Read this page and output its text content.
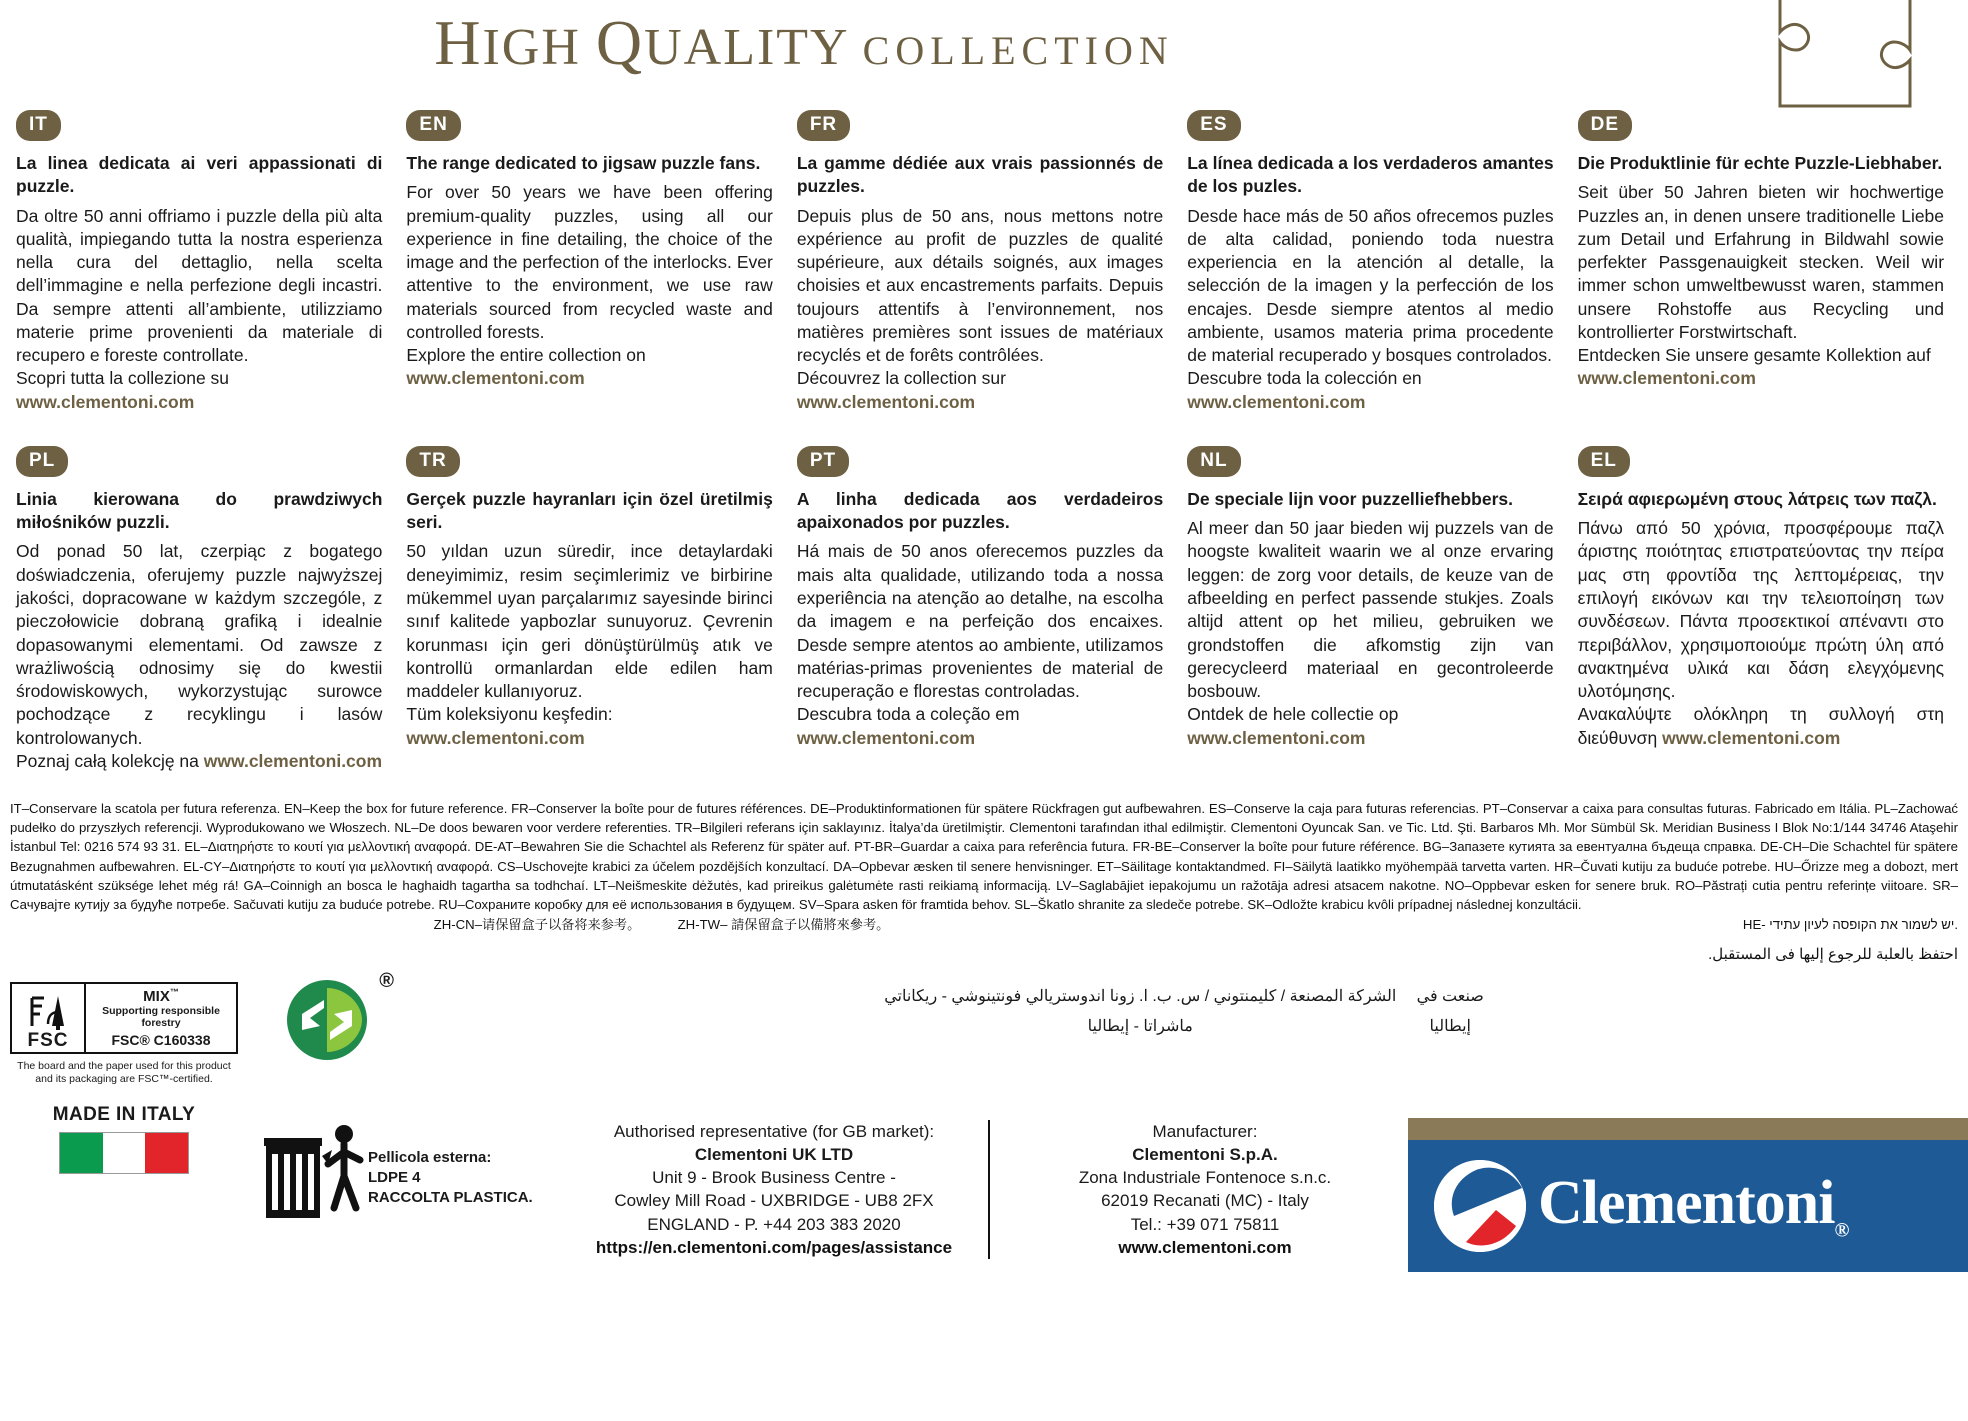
HIGH QUALITY COLLECTION
IT
La linea dedicata ai veri appassionati di puzzle.
Da oltre 50 anni offriamo i puzzle della più alta qualità, impiegando tutta la nostra esperienza nella cura del dettaglio, nella scelta dell’immagine e nella perfezione degli incastri. Da sempre attenti all’ambiente, utilizziamo materie prime provenienti da materiale di recupero e foreste controllate.
Scopri tutta la collezione su
www.clementoni.com
EN
The range dedicated to jigsaw puzzle fans.
For over 50 years we have been offering premium-quality puzzles, using all our experience in fine detailing, the choice of the image and the perfection of the interlocks. Ever attentive to the environment, we use raw materials sourced from recycled waste and controlled forests.
Explore the entire collection on
www.clementoni.com
FR
La gamme dédiée aux vrais passionnés de puzzles.
Depuis plus de 50 ans, nous mettons notre expérience au profit de puzzles de qualité supérieure, aux détails soignés, aux images choisies et aux encastrements parfaits. Depuis toujours attentifs à l’environnement, nos matières premières sont issues de matériaux recyclés et de forêts contrôlées.
Découvrez la collection sur
www.clementoni.com
ES
La línea dedicada a los verdaderos amantes de los puzles.
Desde hace más de 50 años ofrecemos puzles de alta calidad, poniendo toda nuestra experiencia en la atención al detalle, la selección de la imagen y la perfección de los encajes. Desde siempre atentos al medio ambiente, usamos materia prima procedente de material recuperado y bosques controlados.
Descubre toda la colección en
www.clementoni.com
DE
Die Produktlinie für echte Puzzle-Liebhaber.
Seit über 50 Jahren bieten wir hochwertige Puzzles an, in denen unsere traditionelle Liebe zum Detail und Erfahrung in Bildwahl sowie perfekter Passgenauigkeit stecken. Weil wir immer schon umweltbewusst waren, stammen unsere Rohstoffe aus Recycling und kontrollierter Forstwirtschaft.
Entdecken Sie unsere gesamte Kollektion auf
www.clementoni.com
PL
Linia kierowana do prawdziwych miłośników puzzli.
Od ponad 50 lat, czerpiąc z bogatego doświadczenia, oferujemy puzzle najwyższej jakości, dopracowane w każdym szczególe, z pieczołowicie dobraną grafiką i idealnie dopasowanymi elementami. Od zawsze z wrażliwością odnosimy się do kwestii środowiskowych, wykorzystując surowce pochodzące z recyklingu i lasów kontrolowanych.
Poznaj całą kolekcję na www.clementoni.com
TR
Gerçek puzzle hayranları için özel üretilmiş seri.
50 yıldan uzun süredir, ince detaylardaki deneyimimiz, resim seçimlerimiz ve birbirine mükemmel uyan parçalarımız sayesinde birinci sınıf kalitede yapbozlar sunuyoruz. Çevrenin korunması için geri dönüştürülmüş atık ve kontrollü ormanlardan elde edilen ham maddeler kullanıyoruz.
Tüm koleksiyonu keşfedin:
www.clementoni.com
PT
A linha dedicada aos verdadeiros apaixonados por puzzles.
Há mais de 50 anos oferecemos puzzles da mais alta qualidade, utilizando toda a nossa experiência na atenção ao detalhe, na escolha da imagem e na perfeição dos encaixes. Desde sempre atentos ao ambiente, utilizamos matérias-primas provenientes de material de recuperação e florestas controladas.
Descubra toda a coleção em
www.clementoni.com
NL
De speciale lijn voor puzzelliefhebbers.
Al meer dan 50 jaar bieden wij puzzels van de hoogste kwaliteit waarin we al onze ervaring leggen: de zorg voor details, de keuze van de afbeelding en perfect passende stukjes. Zoals altijd attent op het milieu, gebruiken we grondstoffen die afkomstig zijn van gerecycleerd materiaal en gecontroleerde bosbouw.
Ontdek de hele collectie op
www.clementoni.com
EL
Σειρά αφιερωμένη στους λάτρεις των παζλ.
Πάνω από 50 χρόνια, προσφέρουμε παζλ άριστης ποιότητας επιστρατεύοντας την πείρα μας στη φροντίδα της λεπτομέρειας, την επιλογή εικόνων και την τελειοποίηση των συνδέσεων. Πάντα προσεκτικοί απέναντι στο περιβάλλον, χρησιμοποιούμε πρώτη ύλη από ανακτημένα υλικά και δάση ελεγχόμενης υλοτόμησης.
Ανακαλύψτε ολόκληρη τη συλλογή στη διεύθυνση www.clementoni.com
IT–Conservare la scatola per futura referenza. EN–Keep the box for future reference. FR–Conserver la boîte pour de futures références. DE–Produktinformationen für spätere Rückfragen gut aufbewahren. ES–Conserve la caja para futuras referencias. PT–Conservar a caixa para consultas futuras. Fabricado em Itália. PL–Zachować pudełko do przyszłych referencji. Wyprodukowano we Włoszech. NL–De doos bewaren voor verdere referenties. TR–Bilgileri referans için saklayınız. İtalya’da üretilmiştir. Clementoni tarafından ithal edilmiştir. Clementoni Oyuncak San. ve Tic. Ltd. Şti. Barbaros Mh. Mor Sümbül Sk. Meridian Business I Blok No:1/144 34746 Ataşehir İstanbul Tel: 0216 574 93 31. EL–Διατηρήστε το κουτί για μελλοντική αναφορά. DE-AT–Bewahren Sie die Schachtel als Referenz für später auf. PT-BR–Guardar a caixa para referência futura. FR-BE–Conserver la boîte pour future référence. BG–Запазете кутията за евентуална бъдеща справка. DE-CH–Die Schachtel für spätere Bezugnahmen aufbewahren. EL-CY–Διατηρήστε το κουτί για μελλοντική αναφορά. CS–Uschovejte krabici za účelem pozdějších konzultací. DA–Opbevar æsken til senere henvisninger. ET–Säilitage kontaktandmed. FI–Säilytä laatikko myöhempää tarvetta varten. HR–Čuvati kutiju za buduće potrebe. HU–Őrizze meg a dobozt, mert útmutatásként szüksége lehet még rá! GA–Coinnigh an bosca le haghaidh tagartha sa todhchaí. LT–Neišmeskite dėžutės, kad prireikus galėtumėte rasti reikiamą informaciją. LV–Saglabājiet iepakojumu un ražotāja adresi atsacem nakotne. NO–Oppbevar esken for senere bruk. RO–Păstrați cutia pentru referințe viitoare. SR–Сачувајте кутију за будуће потребе. Sačuvati kutiju za buduće potrebe. RU–Сохраните коробку для её использования в будущем. SV–Spara asken för framtida behov. SL–Škatlo shranite za sledeče potrebe. SK–Odložte krabicu kvôli prípadnej následnej konzultácii.
ZH-CN–请保留盒子以备将来参考。	ZH-TW– 請保留盒子以備將來參考。	HE- יש לשמור את הקופסה לעיון עתידי.
احتفظ بالعلبة للرجوع إليها فى المستقبل.
FSC
MIX™
Supporting responsible forestry
FSC® C160338
The board and the paper used for this product and its packaging are FSC™-certified.
MADE IN ITALY
®
Pellicola esterna:
LDPE 4
RACCOLTA PLASTICA.
صنعت في إيطاليا
الشركة المصنعة / كليمنتوني / س. ب. ا. زونا اندوستريالي فونتينوشي - ريكاناتي ماشراتا - إيطاليا
Authorised representative (for GB market):
Clementoni UK LTD
Unit 9 - Brook Business Centre -
Cowley Mill Road - UXBRIDGE - UB8 2FX
ENGLAND - P. +44 203 383 2020
https://en.clementoni.com/pages/assistance
Manufacturer:
Clementoni S.p.A.
Zona Industriale Fontenoce s.n.c.
62019 Recanati (MC) - Italy
Tel.: +39 071 75811
www.clementoni.com
Clementoni$_®$
